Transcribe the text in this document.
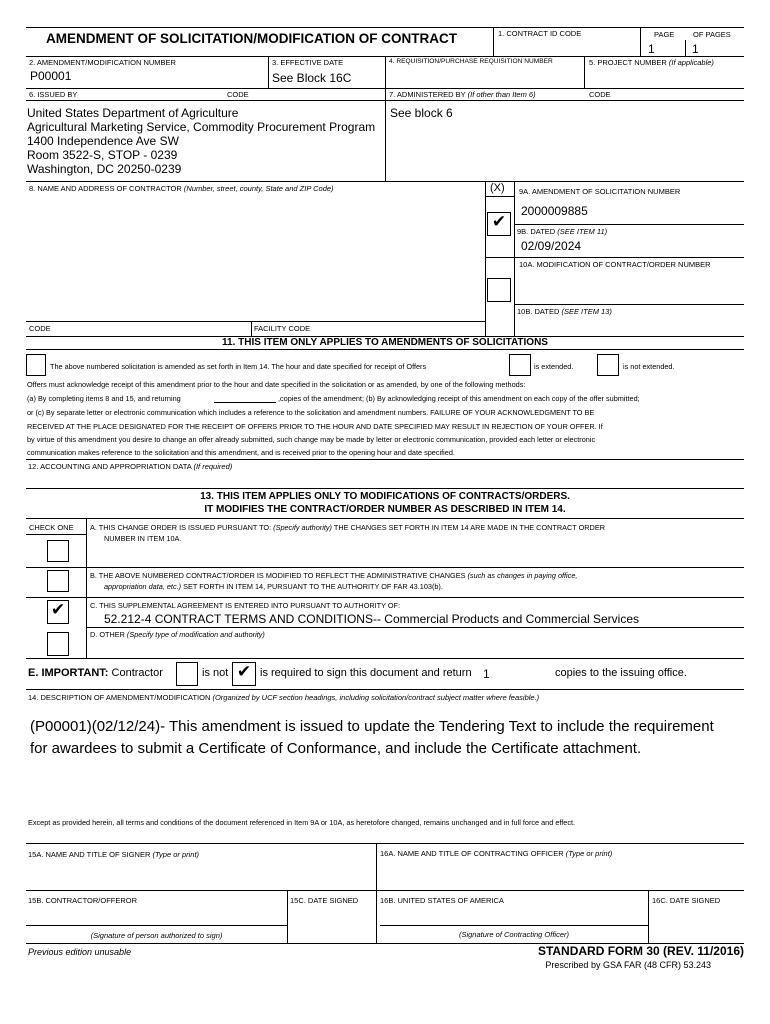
AMENDMENT OF SOLICITATION/MODIFICATION OF CONTRACT	1. CONTRACT ID CODE	PAGE OF PAGES
1	1
2. AMENDMENT/MODIFICATION NUMBER
P00001
3. EFFECTIVE DATE
See Block 16C
4. REQUISITION/PURCHASE REQUISITION NUMBER	5. PROJECT NUMBER (If applicable)
6. ISSUED BY	CODE	7. ADMINISTERED BY (If other than Item 6)	CODE
United States Department of Agriculture
Agricultural Marketing Service, Commodity Procurement Program
1400 Independence Ave SW
Room 3522-S, STOP - 0239
Washington, DC 20250-0239
See block 6
8. NAME AND ADDRESS OF CONTRACTOR (Number, street, county, State and ZIP Code)	(X) 9A. AMENDMENT OF SOLICITATION NUMBER
2000009885
✔
9B. DATED (SEE ITEM 11)
02/09/2024
10A. MODIFICATION OF CONTRACT/ORDER NUMBER
10B. DATED (SEE ITEM 13)
CODE	FACILITY CODE
11. THIS ITEM ONLY APPLIES TO AMENDMENTS OF SOLICITATIONS
The above numbered solicitation is amended as set forth in Item 14. The hour and date specified for receipt of Offers	is extended.	is not extended.
Offers must acknowledge receipt of this amendment prior to the hour and date specified in the solicitation or as amended, by one of the following methods:
(a) By completing items 8 and 15, and returning	,copies of the amendment; (b) By acknowledging receipt of this amendment on each copy of the offer submitted;
or (c) By separate letter or electronic communication which includes a reference to the solicitation and amendment numbers. FAILURE OF YOUR ACKNOWLEDGMENT TO BE
RECEIVED AT THE PLACE DESIGNATED FOR THE RECEIPT OF OFFERS PRIOR TO THE HOUR AND DATE SPECIFIED MAY RESULT IN REJECTION OF YOUR OFFER. If
by virtue of this amendment you desire to change an offer already submitted, such change may be made by letter or electronic communication, provided each letter or electronic
communication makes reference to the solicitation and this amendment, and is received prior to the opening hour and date specified.
12. ACCOUNTING AND APPROPRIATION DATA (If required)
13. THIS ITEM APPLIES ONLY TO MODIFICATIONS OF CONTRACTS/ORDERS.
IT MODIFIES THE CONTRACT/ORDER NUMBER AS DESCRIBED IN ITEM 14.
CHECK ONE A. THIS CHANGE ORDER IS ISSUED PURSUANT TO: (Specify authority) THE CHANGES SET FORTH IN ITEM 14 ARE MADE IN THE CONTRACT ORDER
NUMBER IN ITEM 10A.
B. THE ABOVE NUMBERED CONTRACT/ORDER IS MODIFIED TO REFLECT THE ADMINISTRATIVE CHANGES (such as changes in paying office,
appropriation data, etc.) SET FORTH IN ITEM 14, PURSUANT TO THE AUTHORITY OF FAR 43.103(b).
✔	C. THIS SUPPLEMENTAL AGREEMENT IS ENTERED INTO PURSUANT TO AUTHORITY OF:
52.212-4 CONTRACT TERMS AND CONDITIONS-- Commercial Products and Commercial Services
D. OTHER (Specify type of modification and authority)
E. IMPORTANT: Contractor	is not ✔ is required to sign this document and return 1	copies to the issuing office.
14. DESCRIPTION OF AMENDMENT/MODIFICATION (Organized by UCF section headings, including solicitation/contract subject matter where feasible.)
(P00001)(02/12/24)- This amendment is issued to update the Tendering Text to include the requirement
for awardees to submit a Certificate of Conformance, and include the Certificate attachment.
Except as provided herein, all terms and conditions of the document referenced in Item 9A or 10A, as heretofore changed, remains unchanged and in full force and effect.
15A. NAME AND TITLE OF SIGNER (Type or print)	16A. NAME AND TITLE OF CONTRACTING OFFICER (Type or print)
15B. CONTRACTOR/OFFEROR	15C. DATE SIGNED	16B. UNITED STATES OF AMERICA	16C. DATE SIGNED
(Signature of person authorized to sign)	(Signature of Contracting Officer)
Previous edition unusable	STANDARD FORM 30 (REV. 11/2016)
Prescribed by GSA FAR (48 CFR) 53.243
